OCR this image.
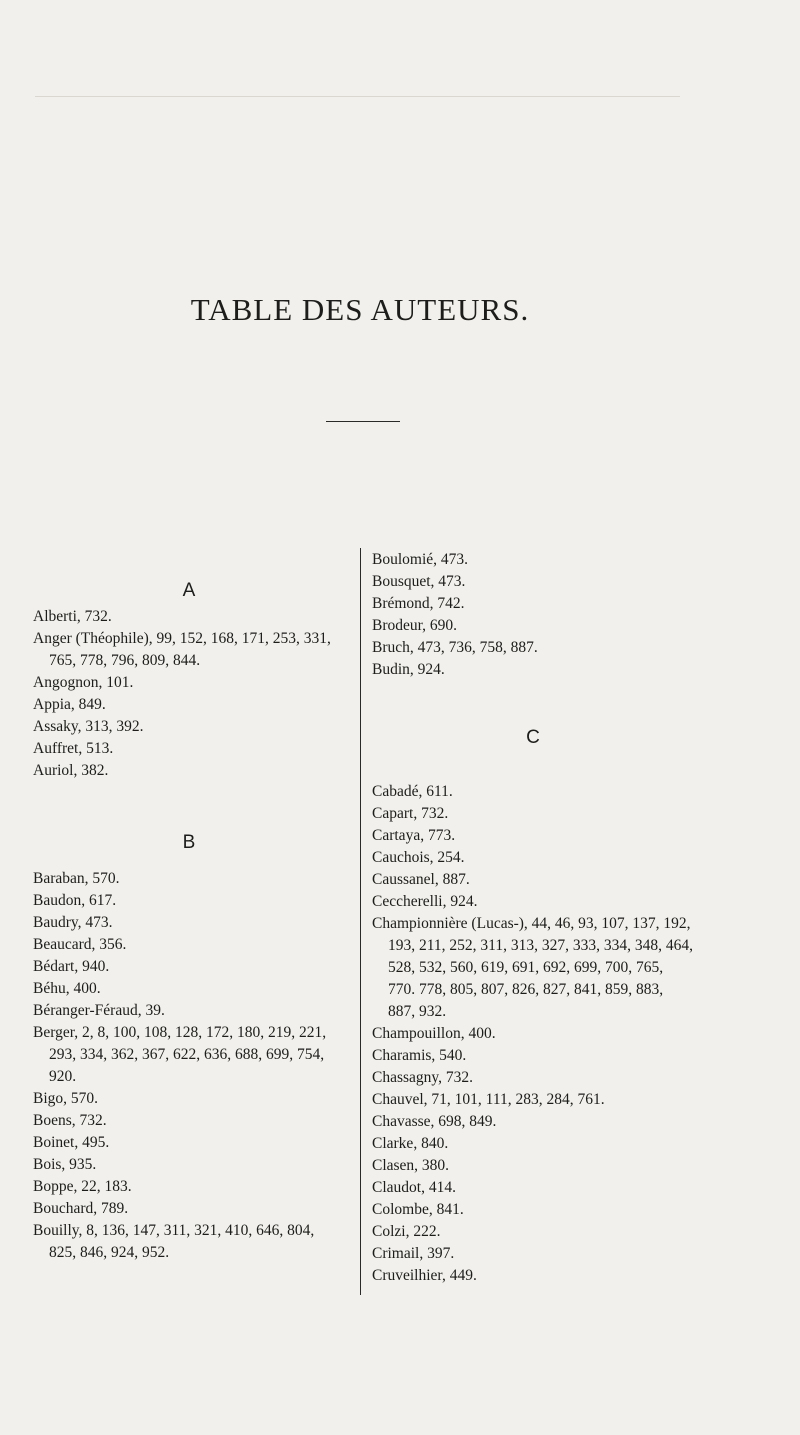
TABLE DES AUTEURS.
A

Alberti, 732.

Anger (Théophile), 99, 152, 168, 171, 253, 331, 765, 778, 796, 809, 844.

Angognon, 101.

Appia, 849.

Assaky, 313, 392.

Auffret, 513.

Auriol, 382.

B

Baraban, 570.

Baudon, 617.

Baudry, 473.

Beaucard, 356.

Bédart, 940.

Béhu, 400.

Béranger-Féraud, 39.

Berger, 2, 8, 100, 108, 128, 172, 180, 219, 221, 293, 334, 362, 367, 622, 636, 688, 699, 754, 920.

Bigo, 570.

Boens, 732.

Boinet, 495.

Bois, 935.

Boppe, 22, 183.

Bouchard, 789.

Bouilly, 8, 136, 147, 311, 321, 410, 646, 804, 825, 846, 924, 952.

Boulomié, 473.

Bousquet, 473.

Brémond, 742.

Brodeur, 690.

Bruch, 473, 736, 758, 887.

Budin, 924.

C

Cabadé, 611.

Capart, 732.

Cartaya, 773.

Cauchois, 254.

Caussanel, 887.

Ceccherelli, 924.

Championnière (Lucas-), 44, 46, 93, 107, 137, 192, 193, 211, 252, 311, 313, 327, 333, 334, 348, 464, 528, 532, 560, 619, 691, 692, 699, 700, 765, 770. 778, 805, 807, 826, 827, 841, 859, 883, 887, 932.

Champouillon, 400.

Charamis, 540.

Chassagny, 732.

Chauvel, 71, 101, 111, 283, 284, 761.

Chavasse, 698, 849.

Clarke, 840.

Clasen, 380.

Claudot, 414.

Colombe, 841.

Colzi, 222.

Crimail, 397.

Cruveilhier, 449.
